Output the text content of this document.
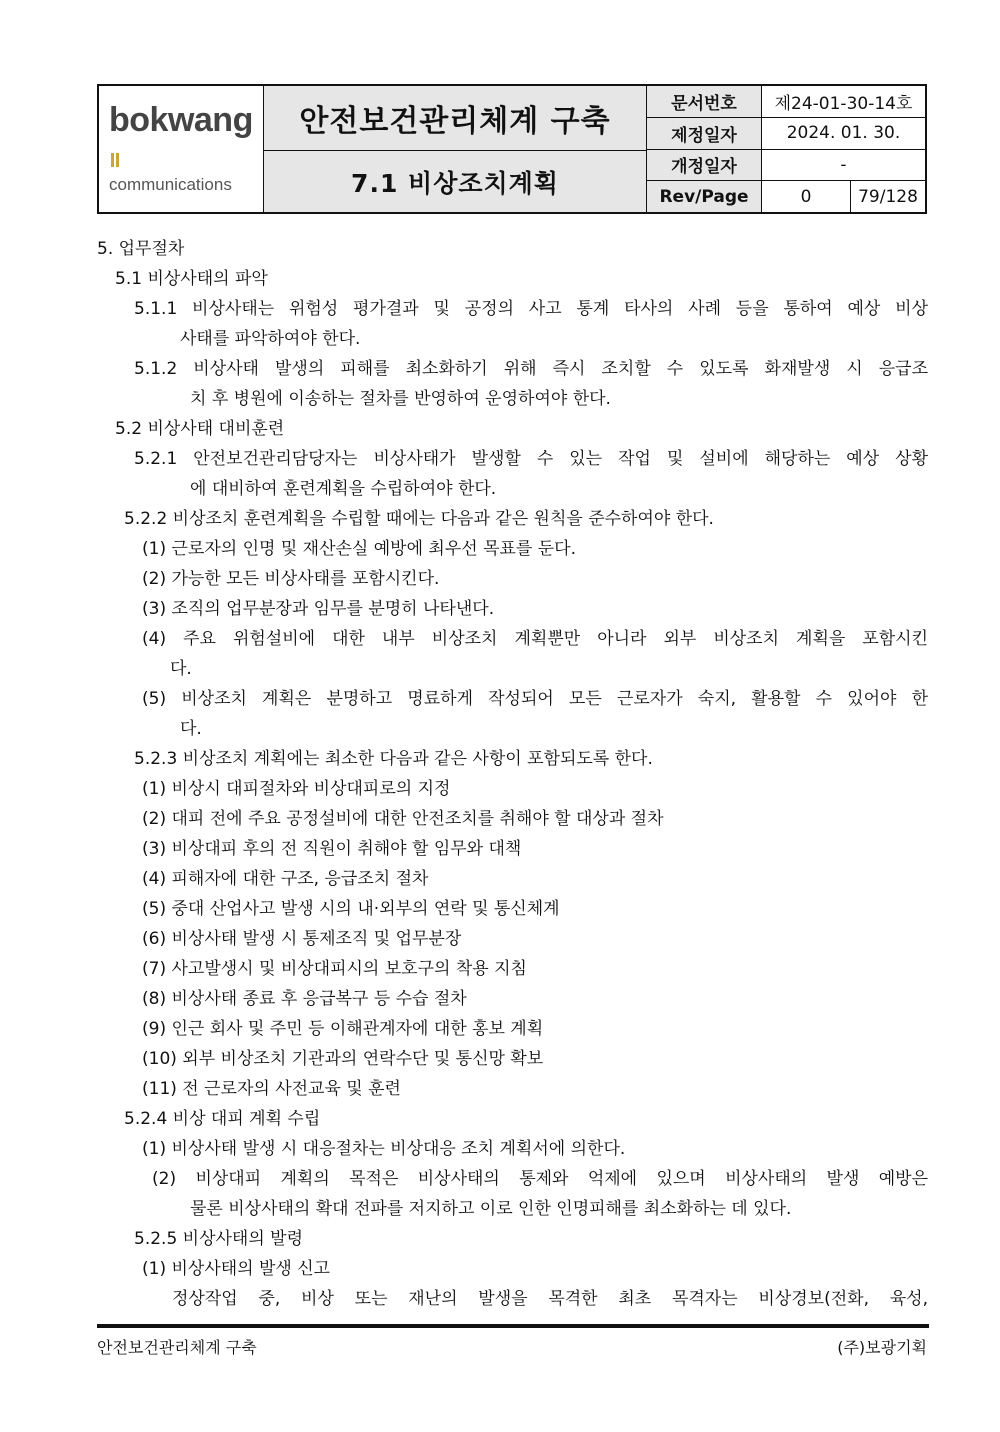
bokwang
communications
안전보건관리체계 구축
7.1 비상조치계획
문서번호	제24-01-30-14호
제정일자	2024. 01. 30.
개정일자	-
Rev/Page	0	79/128
5. 업무절차
5.1 비상사태의 파악
5.1.1 비상사태는 위험성 평가결과 및 공정의 사고 통계 타사의 사례 등을 통하여 예상 비상
사태를 파악하여야 한다.
5.1.2 비상사태 발생의 피해를 최소화하기 위해 즉시 조치할 수 있도록 화재발생 시 응급조
치 후 병원에 이송하는 절차를 반영하여 운영하여야 한다.
5.2 비상사태 대비훈련
5.2.1 안전보건관리담당자는 비상사태가 발생할 수 있는 작업 및 설비에 해당하는 예상 상황
에 대비하여 훈련계획을 수립하여야 한다.
5.2.2 비상조치 훈련계획을 수립할 때에는 다음과 같은 원칙을 준수하여야 한다.
(1) 근로자의 인명 및 재산손실 예방에 최우선 목표를 둔다.
(2) 가능한 모든 비상사태를 포함시킨다.
(3) 조직의 업무분장과 임무를 분명히 나타낸다.
(4) 주요 위험설비에 대한 내부 비상조치 계획뿐만 아니라 외부 비상조치 계획을 포함시킨
다.
(5) 비상조치 계획은 분명하고 명료하게 작성되어 모든 근로자가 숙지, 활용할 수 있어야 한
다.
5.2.3 비상조치 계획에는 최소한 다음과 같은 사항이 포함되도록 한다.
(1) 비상시 대피절차와 비상대피로의 지정
(2) 대피 전에 주요 공정설비에 대한 안전조치를 취해야 할 대상과 절차
(3) 비상대피 후의 전 직원이 취해야 할 임무와 대책
(4) 피해자에 대한 구조, 응급조치 절차
(5) 중대 산업사고 발생 시의 내·외부의 연락 및 통신체계
(6) 비상사태 발생 시 통제조직 및 업무분장
(7) 사고발생시 및 비상대피시의 보호구의 착용 지침
(8) 비상사태 종료 후 응급복구 등 수습 절차
(9) 인근 회사 및 주민 등 이해관계자에 대한 홍보 계획
(10) 외부 비상조치 기관과의 연락수단 및 통신망 확보
(11) 전 근로자의 사전교육 및 훈련
5.2.4 비상 대피 계획 수립
(1) 비상사태 발생 시 대응절차는 비상대응 조치 계획서에 의한다.
(2) 비상대피 계획의 목적은 비상사태의 통제와 억제에 있으며 비상사태의 발생 예방은
물론 비상사태의 확대 전파를 저지하고 이로 인한 인명피해를 최소화하는 데 있다.
5.2.5 비상사태의 발령
(1) 비상사태의 발생 신고
정상작업 중, 비상 또는 재난의 발생을 목격한 최초 목격자는 비상경보(전화, 육성,
안전보건관리체계 구축	(주)보광기획
